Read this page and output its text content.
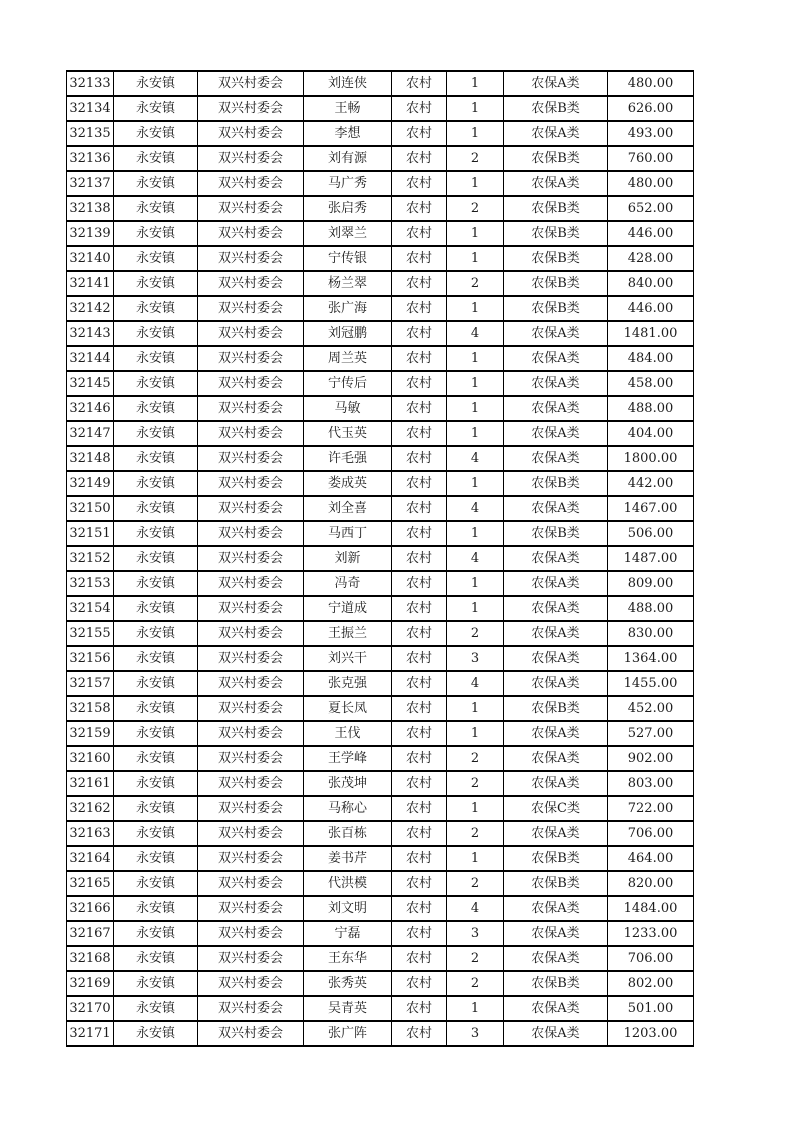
32133	永安镇	双兴村委会	刘连侠	农村	1	农保A类	480.00
32134	永安镇	双兴村委会	王畅	农村	1	农保B类	626.00
32135	永安镇	双兴村委会	李想	农村	1	农保A类	493.00
32136	永安镇	双兴村委会	刘有源	农村	2	农保B类	760.00
32137	永安镇	双兴村委会	马广秀	农村	1	农保A类	480.00
32138	永安镇	双兴村委会	张启秀	农村	2	农保B类	652.00
32139	永安镇	双兴村委会	刘翠兰	农村	1	农保B类	446.00
32140	永安镇	双兴村委会	宁传银	农村	1	农保B类	428.00
32141	永安镇	双兴村委会	杨兰翠	农村	2	农保B类	840.00
32142	永安镇	双兴村委会	张广海	农村	1	农保B类	446.00
32143	永安镇	双兴村委会	刘冠鹏	农村	4	农保A类	1481.00
32144	永安镇	双兴村委会	周兰英	农村	1	农保A类	484.00
32145	永安镇	双兴村委会	宁传后	农村	1	农保A类	458.00
32146	永安镇	双兴村委会	马敏	农村	1	农保A类	488.00
32147	永安镇	双兴村委会	代玉英	农村	1	农保A类	404.00
32148	永安镇	双兴村委会	许毛强	农村	4	农保A类	1800.00
32149	永安镇	双兴村委会	娄成英	农村	1	农保B类	442.00
32150	永安镇	双兴村委会	刘全喜	农村	4	农保A类	1467.00
32151	永安镇	双兴村委会	马西丁	农村	1	农保B类	506.00
32152	永安镇	双兴村委会	刘新	农村	4	农保A类	1487.00
32153	永安镇	双兴村委会	冯奇	农村	1	农保A类	809.00
32154	永安镇	双兴村委会	宁道成	农村	1	农保A类	488.00
32155	永安镇	双兴村委会	王振兰	农村	2	农保A类	830.00
32156	永安镇	双兴村委会	刘兴干	农村	3	农保A类	1364.00
32157	永安镇	双兴村委会	张克强	农村	4	农保A类	1455.00
32158	永安镇	双兴村委会	夏长凤	农村	1	农保B类	452.00
32159	永安镇	双兴村委会	王伐	农村	1	农保A类	527.00
32160	永安镇	双兴村委会	王学峰	农村	2	农保A类	902.00
32161	永安镇	双兴村委会	张茂坤	农村	2	农保A类	803.00
32162	永安镇	双兴村委会	马称心	农村	1	农保C类	722.00
32163	永安镇	双兴村委会	张百栋	农村	2	农保A类	706.00
32164	永安镇	双兴村委会	姜书芹	农村	1	农保B类	464.00
32165	永安镇	双兴村委会	代洪模	农村	2	农保B类	820.00
32166	永安镇	双兴村委会	刘文明	农村	4	农保A类	1484.00
32167	永安镇	双兴村委会	宁磊	农村	3	农保A类	1233.00
32168	永安镇	双兴村委会	王东华	农村	2	农保A类	706.00
32169	永安镇	双兴村委会	张秀英	农村	2	农保B类	802.00
32170	永安镇	双兴村委会	吴青英	农村	1	农保A类	501.00
32171	永安镇	双兴村委会	张广阵	农村	3	农保A类	1203.00
